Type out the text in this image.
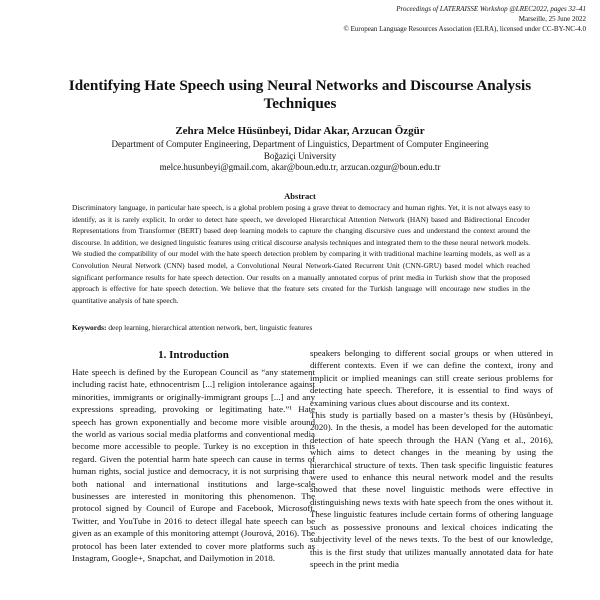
Proceedings of LATERAISSE Workshop @LREC2022, pages 32–41
Marseille, 25 June 2022
© European Language Resources Association (ELRA), licensed under CC-BY-NC-4.0
Identifying Hate Speech using Neural Networks and Discourse Analysis Techniques
Zehra Melce Hüsünbeyi, Didar Akar, Arzucan Özgür
Department of Computer Engineering, Department of Linguistics, Department of Computer Engineering
Boğaziçi University
melce.husunbeyi@gmail.com, akar@boun.edu.tr, arzucan.ozgur@boun.edu.tr
Abstract
Discriminatory language, in particular hate speech, is a global problem posing a grave threat to democracy and human rights. Yet, it is not always easy to identify, as it is rarely explicit. In order to detect hate speech, we developed Hierarchical Attention Network (HAN) based and Bidirectional Encoder Representations from Transformer (BERT) based deep learning models to capture the changing discursive cues and understand the context around the discourse. In addition, we designed linguistic features using critical discourse analysis techniques and integrated them to the these neural network models. We studied the compatibility of our model with the hate speech detection problem by comparing it with traditional machine learning models, as well as a Convolution Neural Network (CNN) based model, a Convolutional Neural Network-Gated Recurrent Unit (CNN-GRU) based model which reached significant performance results for hate speech detection. Our results on a manually annotated corpus of print media in Turkish show that the proposed approach is effective for hate speech detection. We believe that the feature sets created for the Turkish language will encourage new studies in the quantitative analysis of hate speech.
Keywords: deep learning, hierarchical attention network, bert, linguistic features
1. Introduction

Hate speech is defined by the European Council as “any statement including racist hate, ethnocentrism [...] religion intolerance against minorities, immigrants or originally-immigrant groups [...] and any expressions spreading, provoking or legitimating hate.”¹ Hate speech has grown exponentially and become more visible around the world as various social media platforms and conventional media become more accessible to people. Turkey is no exception in this regard. Given the potential harm hate speech can cause in terms of human rights, social justice and democracy, it is not surprising that both national and international institutions and large-scale businesses are interested in monitoring this phenomenon. The protocol signed by Council of Europe and Facebook, Microsoft, Twitter, and YouTube in 2016 to detect illegal hate speech can be given as an example of this monitoring attempt (Jourová, 2016). The protocol has been later extended to cover more platforms such as Instagram, Google+, Snapchat, and Dailymotion in 2018.

speakers belonging to different social groups or when uttered in different contexts. Even if we can define the context, irony and implicit or implied meanings can still create serious problems for detecting hate speech. Therefore, it is essential to find ways of examining various clues about discourse and its context.

This study is partially based on a master’s thesis by (Hüsünbeyi, 2020). In the thesis, a model has been developed for the automatic detection of hate speech through the HAN (Yang et al., 2016), which aims to detect changes in the meaning by using the hierarchical structure of texts. Then task specific linguistic features were used to enhance this neural network model and the results showed that these novel linguistic methods were effective in distinguishing news texts with hate speech from the ones without it. These linguistic features include certain forms of othering language such as possessive pronouns and lexical choices indicating the subjectivity level of the news texts. To the best of our knowledge, this is the first study that utilizes manually annotated data for hate speech in the print media
